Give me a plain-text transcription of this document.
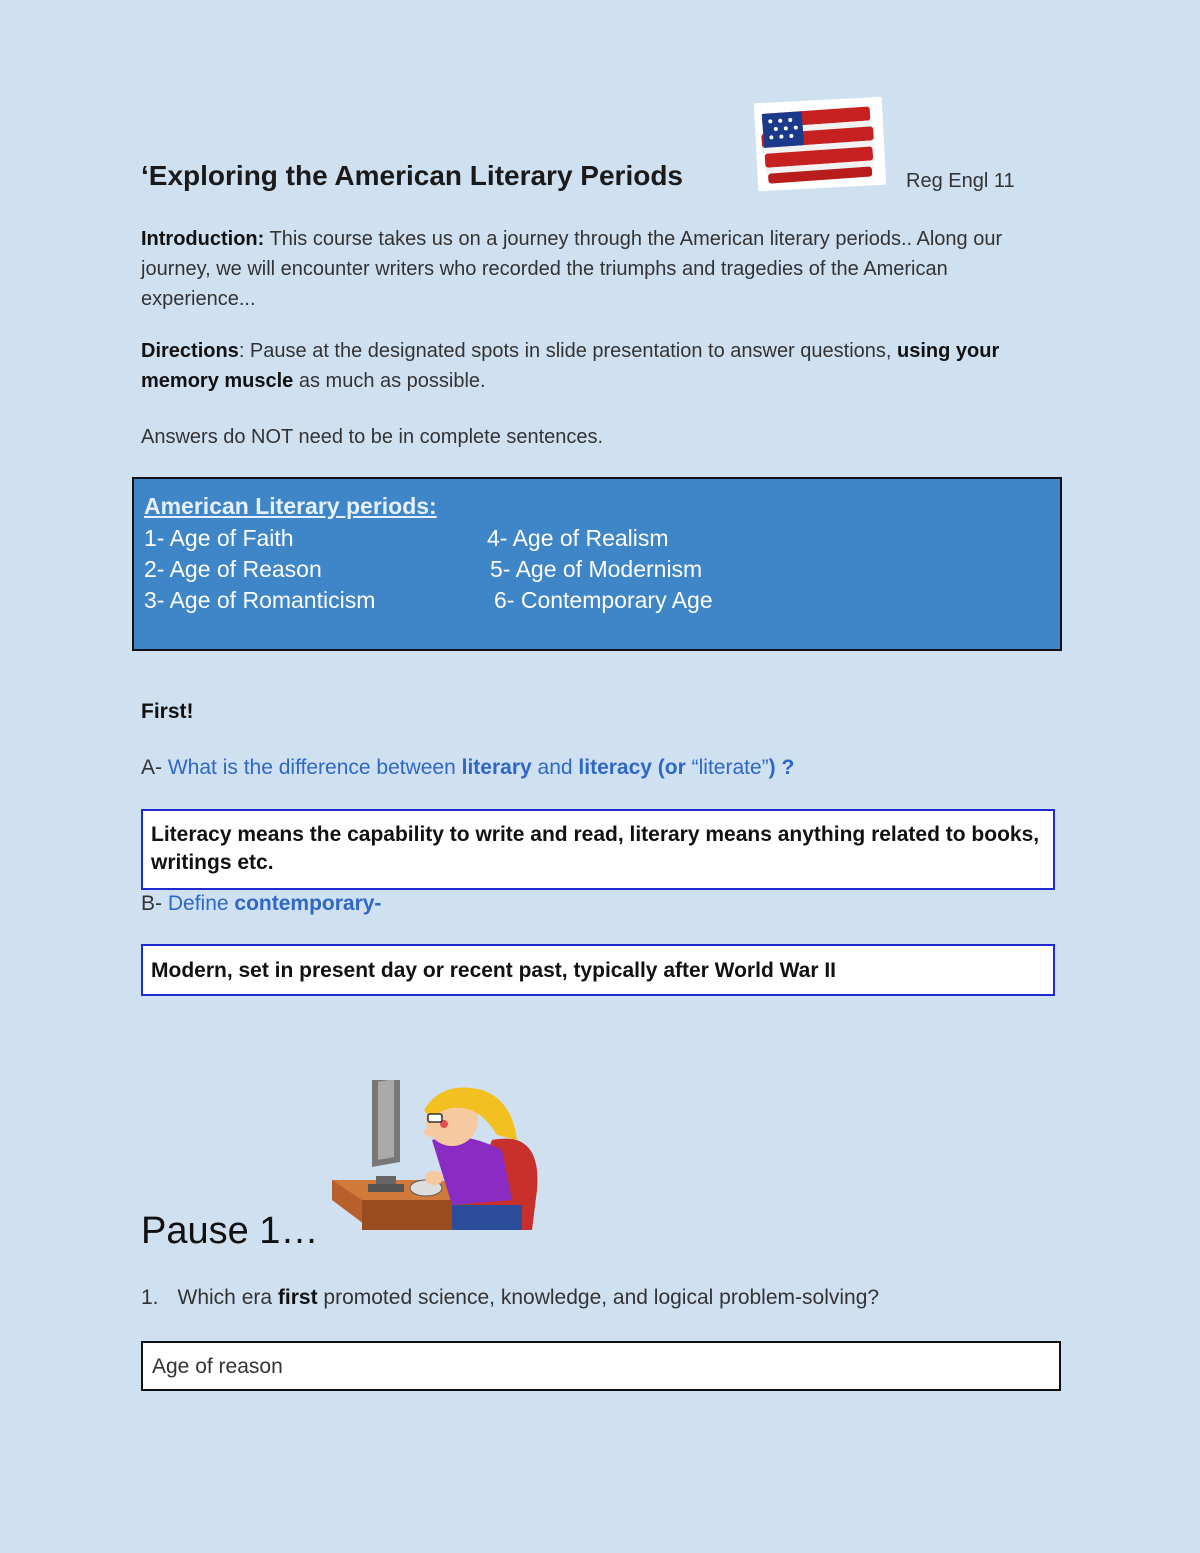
‘Exploring the American Literary Periods	Reg Engl 11
Introduction: This course takes us on a journey through the American literary periods.. Along our journey, we will encounter writers who recorded the triumphs and tragedies of the American experience...
Directions: Pause at the designated spots in slide presentation to answer questions, using your memory muscle as much as possible.
Answers do NOT need to be in complete sentences.
American Literary periods:
1- Age of Faith
2- Age of Reason
3- Age of Romanticism
4- Age of Realism
5- Age of Modernism
6- Contemporary Age
First!
A- What is the difference between literary and literacy (or “literate”) ?
Literacy means the capability to write and read, literary means anything related to books, writings etc.
B- Define contemporary-
Modern, set in present day or recent past, typically after World War II
Pause 1…
1. Which era first promoted science, knowledge, and logical problem-solving?
Age of reason
